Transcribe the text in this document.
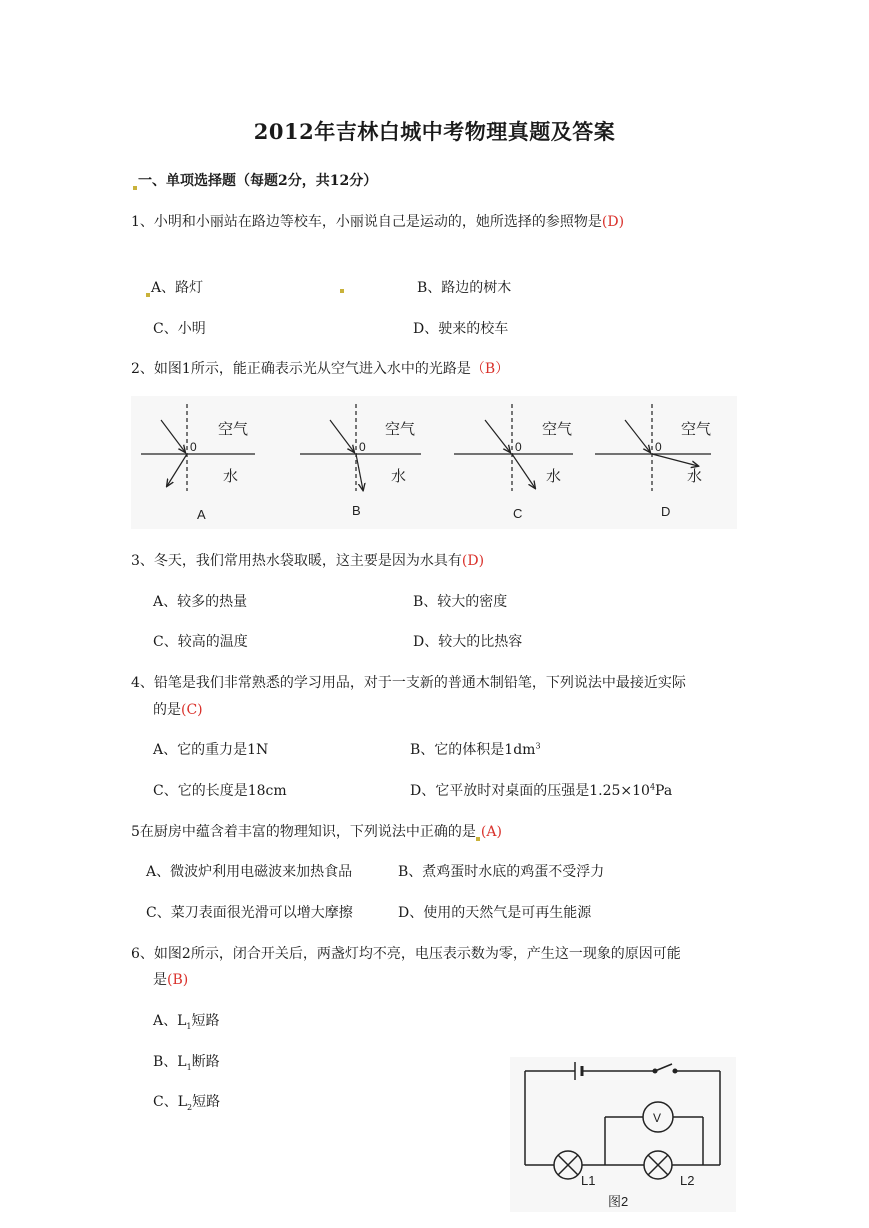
2012年吉林白城中考物理真题及答案
一、单项选择题（每题2分，共12分）
1、小明和小丽站在路边等校车，小丽说自己是运动的，她所选择的参照物是(D)
A、路灯	B、路边的树木
C、小明	D、驶来的校车
2、如图1所示，能正确表示光从空气进入水中的光路是（B）
空气
水
0
空气
水
0
空气
水
0
空气
水
0
A	B	C	D
3、冬天，我们常用热水袋取暖，这主要是因为水具有(D)
A、较多的热量	B、较大的密度
C、较高的温度	D、较大的比热容
4、铅笔是我们非常熟悉的学习用品，对于一支新的普通木制铅笔，下列说法中最接近实际
的是(C)
A、它的重力是1N	B、它的体积是$1dm^3$
C、它的长度是18cm	D、它平放时对桌面的压强是$1.25\times 10^4Pa$
5在厨房中蕴含着丰富的物理知识，下列说法中正确的是 (A)
A、微波炉利用电磁波来加热食品	B、煮鸡蛋时水底的鸡蛋不受浮力
C、菜刀表面很光滑可以增大摩擦	D、使用的天然气是可再生能源
6、如图2所示，闭合开关后，两盏灯均不亮，电压表示数为零，产生这一现象的原因可能
是(B)
A、$L_1$短路
B、$L_1$断路
C、$L_2$短路
V
L1	L2
图2
